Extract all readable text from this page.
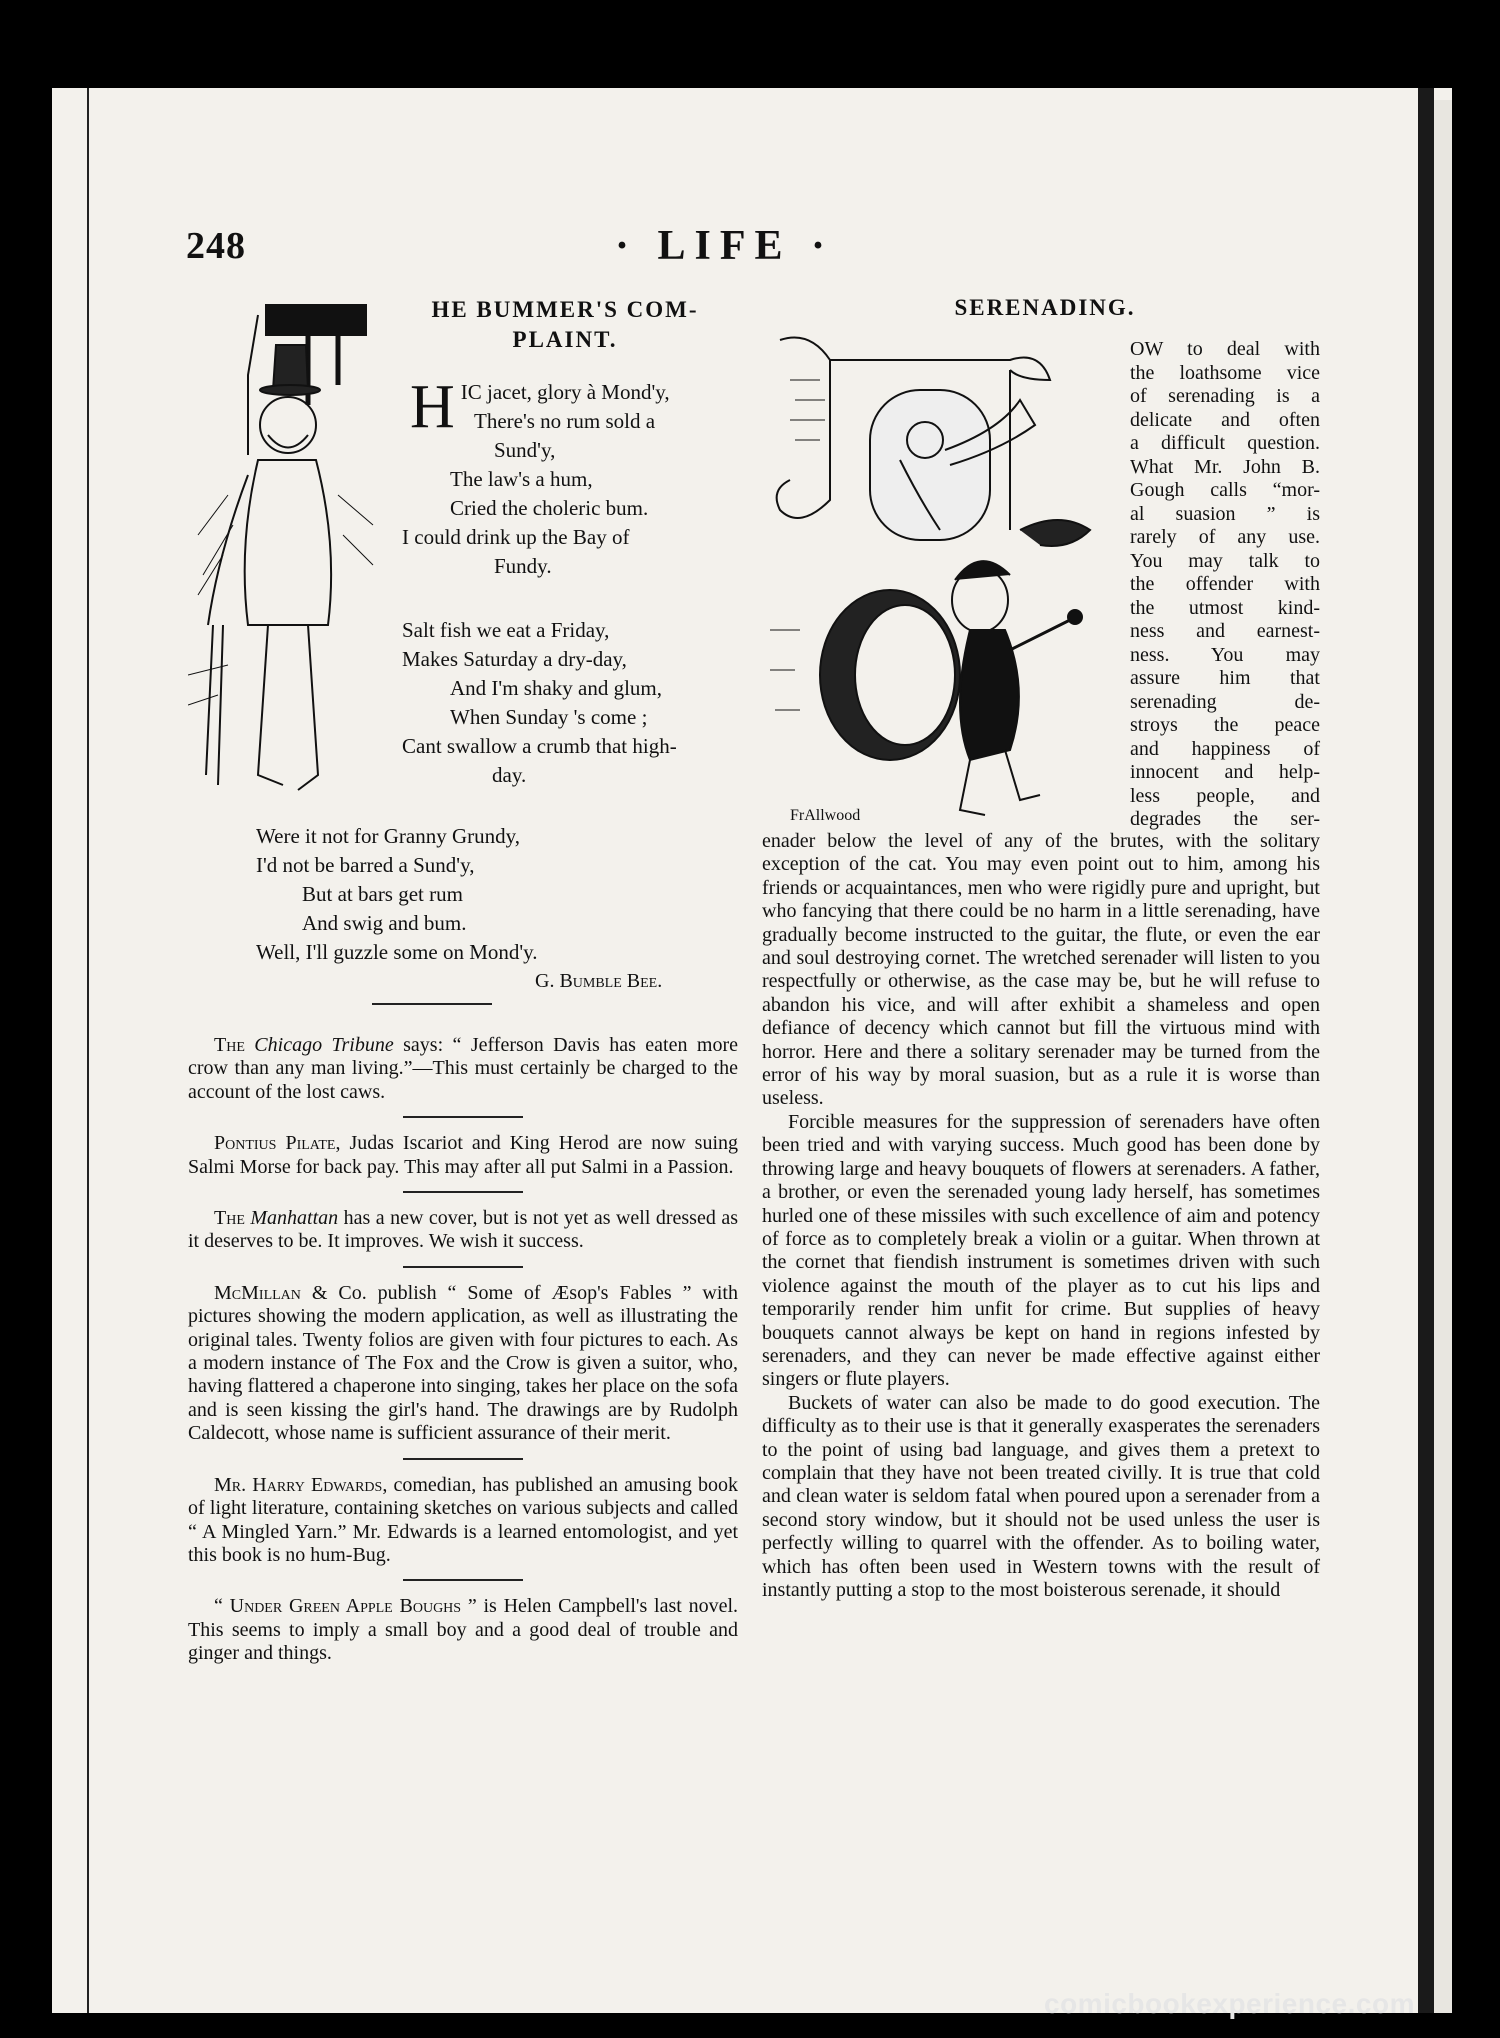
248	· LIFE ·
HE BUMMER'S COM-
PLAINT.
HIC jacet, glory à Mond'y,
There's no rum sold a
Sund'y,
The law's a hum,
Cried the choleric bum.
I could drink up the Bay of
Fundy.
Salt fish we eat a Friday,
Makes Saturday a dry-day,
And I'm shaky and glum,
When Sunday 's come ;
Cant swallow a crumb that high-
day.
Were it not for Granny Grundy,
I'd not be barred a Sund'y,
But at bars get rum
And swig and bum.
Well, I'll guzzle some on Mond'y.
G. Bumble Bee.

The Chicago Tribune says: “ Jefferson Davis has eaten more crow than any man living.”—This must certainly be charged to the account of the lost caws.

Pontius Pilate, Judas Iscariot and King Herod are now suing Salmi Morse for back pay. This may after all put Salmi in a Passion.

The Manhattan has a new cover, but is not yet as well dressed as it deserves to be. It improves. We wish it success.

McMillan & Co. publish “ Some of Æsop's Fables ” with pictures showing the modern application, as well as illustrating the original tales. Twenty folios are given with four pictures to each. As a modern instance of The Fox and the Crow is given a suitor, who, having flattered a chaperone into singing, takes her place on the sofa and is seen kissing the girl's hand. The drawings are by Rudolph Caldecott, whose name is sufficient assurance of their merit.

Mr. Harry Edwards, comedian, has published an amusing book of light literature, containing sketches on various subjects and called “ A Mingled Yarn.” Mr. Edwards is a learned entomologist, and yet this book is no hum-Bug.

“ Under Green Apple Boughs ” is Helen Campbell's last novel. This seems to imply a small boy and a good deal of trouble and ginger and things.

SERENADING.
FrAllwood
OW to deal with
the loathsome vice
of serenading is a
delicate and often
a difficult question.
What Mr. John B.
Gough calls “mor-
al suasion ” is
rarely of any use.
You may talk to
the offender with
the utmost kind-
ness and earnest-
ness. You may
assure him that
serenading de-
stroys the peace
and happiness of
innocent and help-
less people, and
degrades the ser-

enader below the level of any of the brutes, with the solitary exception of the cat. You may even point out to him, among his friends or acquaintances, men who were rigidly pure and upright, but who fancying that there could be no harm in a little serenading, have gradually become instructed to the guitar, the flute, or even the ear and soul destroying cornet. The wretched serenader will listen to you respectfully or otherwise, as the case may be, but he will refuse to abandon his vice, and will after exhibit a shameless and open defiance of decency which cannot but fill the virtuous mind with horror. Here and there a solitary serenader may be turned from the error of his way by moral suasion, but as a rule it is worse than useless.

Forcible measures for the suppression of serenaders have often been tried and with varying success. Much good has been done by throwing large and heavy bouquets of flowers at serenaders. A father, a brother, or even the serenaded young lady herself, has sometimes hurled one of these missiles with such excellence of aim and potency of force as to completely break a violin or a guitar. When thrown at the cornet that fiendish instrument is sometimes driven with such violence against the mouth of the player as to cut his lips and temporarily render him unfit for crime. But supplies of heavy bouquets cannot always be kept on hand in regions infested by serenaders, and they can never be made effective against either singers or flute players.

Buckets of water can also be made to do good execution. The difficulty as to their use is that it generally exasperates the serenaders to the point of using bad language, and gives them a pretext to complain that they have not been treated civilly. It is true that cold and clean water is seldom fatal when poured upon a serenader from a second story window, but it should not be used unless the user is perfectly willing to quarrel with the offender. As to boiling water, which has often been used in Western towns with the result of instantly putting a stop to the most boisterous serenade, it should

comicbookexperience.com
